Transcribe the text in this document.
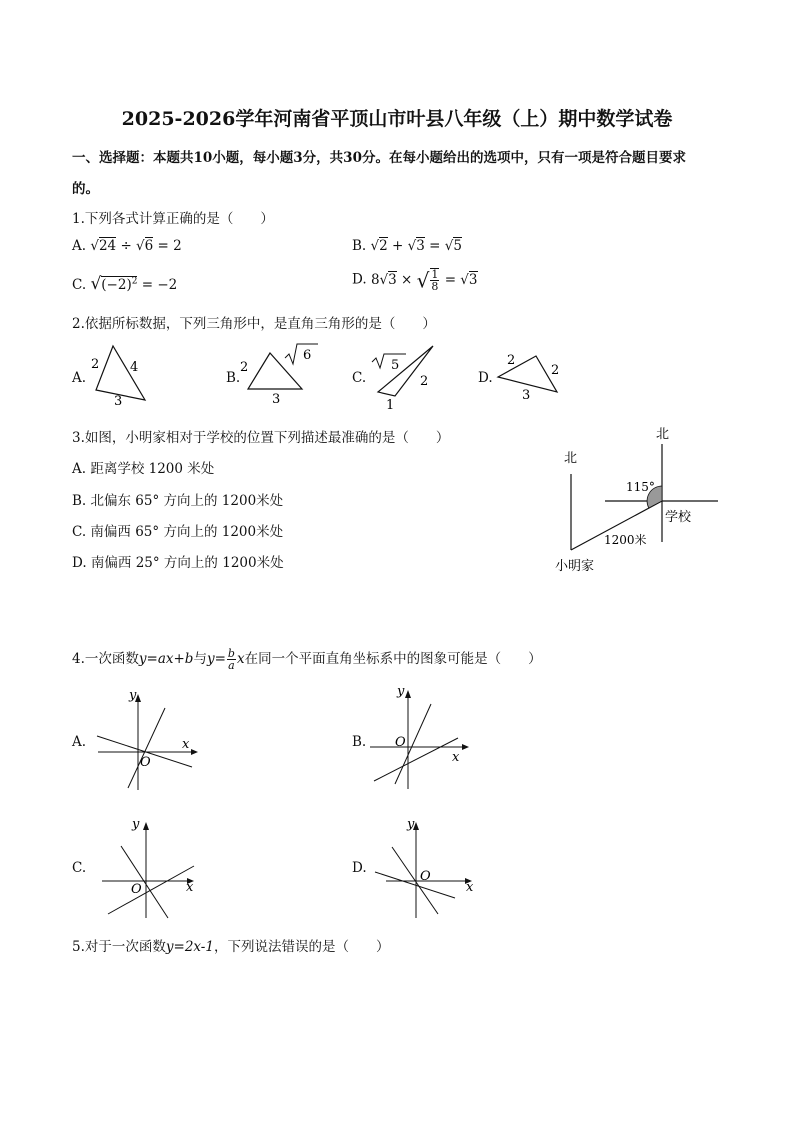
2025-2026学年河南省平顶山市叶县八年级（上）期中数学试卷
一、选择题：本题共10小题，每小题3分，共30分。在每小题给出的选项中，只有一项是符合题目要求
的。
1.下列各式计算正确的是（　　）
A. √24 ÷ √6 = 2	B. √2 + √3 = √5
C. $√(-2)^2 = -2$	D. 8√3 × √ $\frac{1}{8} = √3$
2.依据所标数据，下列三角形中，是直角三角形的是（　　）
A.
2 4
3
B.
2
3
6
C.
5
2
1
D.
2
2
3
3.如图，小明家相对于学校的位置下列描述最准确的是（　　）
A. 距离学校 1200 米处
B. 北偏东 65° 方向上的 1200米处
C. 南偏西 65° 方向上的 1200米处
D. 南偏西 25° 方向上的 1200米处
北
北
115°
学校
1200米
小明家
4.一次函数y=ax+b与$y= \frac{b}{a}$ x在同一个平面直角坐标系中的图象可能是（　　）
A.	x
y
O
B.
x
y
O
C.
x
y
O
D.
x
y
O
5.对于一次函数y=2x-1，下列说法错误的是（　　）
